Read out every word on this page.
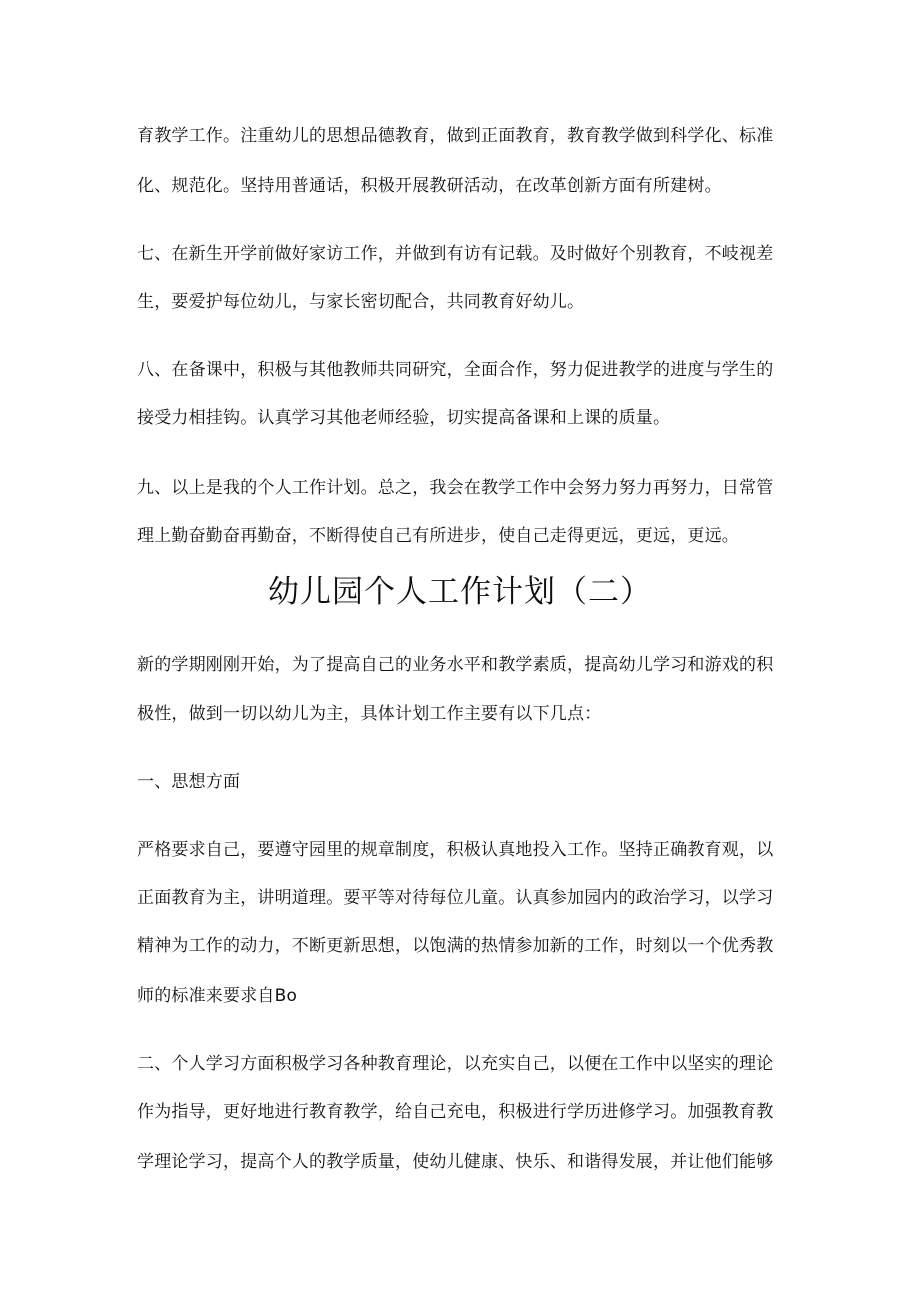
育教学工作。注重幼儿的思想品德教育，做到正面教育，教育教学做到科学化、标准
化、规范化。坚持用普通话，积极开展教研活动，在改革创新方面有所建树。
七、在新生开学前做好家访工作，并做到有访有记载。及时做好个别教育，不岐视差
生，要爱护每位幼儿，与家长密切配合，共同教育好幼儿。
八、在备课中，积极与其他教师共同研究，全面合作，努力促进教学的进度与学生的
接受力相挂钩。认真学习其他老师经验，切实提高备课和上课的质量。
九、以上是我的个人工作计划。总之，我会在教学工作中会努力努力再努力，日常管
理上勤奋勤奋再勤奋，不断得使自己有所进步，使自己走得更远，更远，更远。
幼儿园个人工作计划（二）
新的学期刚刚开始，为了提高自己的业务水平和教学素质，提高幼儿学习和游戏的积
极性，做到一切以幼儿为主，具体计划工作主要有以下几点：
一、思想方面
严格要求自己，要遵守园里的规章制度，积极认真地投入工作。坚持正确教育观，以
正面教育为主，讲明道理。要平等对待每位儿童。认真参加园内的政治学习，以学习
精神为工作的动力，不断更新思想，以饱满的热情参加新的工作，时刻以一个优秀教
师的标准来要求自Bo
二、个人学习方面积极学习各种教育理论，以充实自己，以便在工作中以坚实的理论
作为指导，更好地进行教育教学，给自己充电，积极进行学历进修学习。加强教育教
学理论学习，提高个人的教学质量，使幼儿健康、快乐、和谐得发展，并让他们能够
